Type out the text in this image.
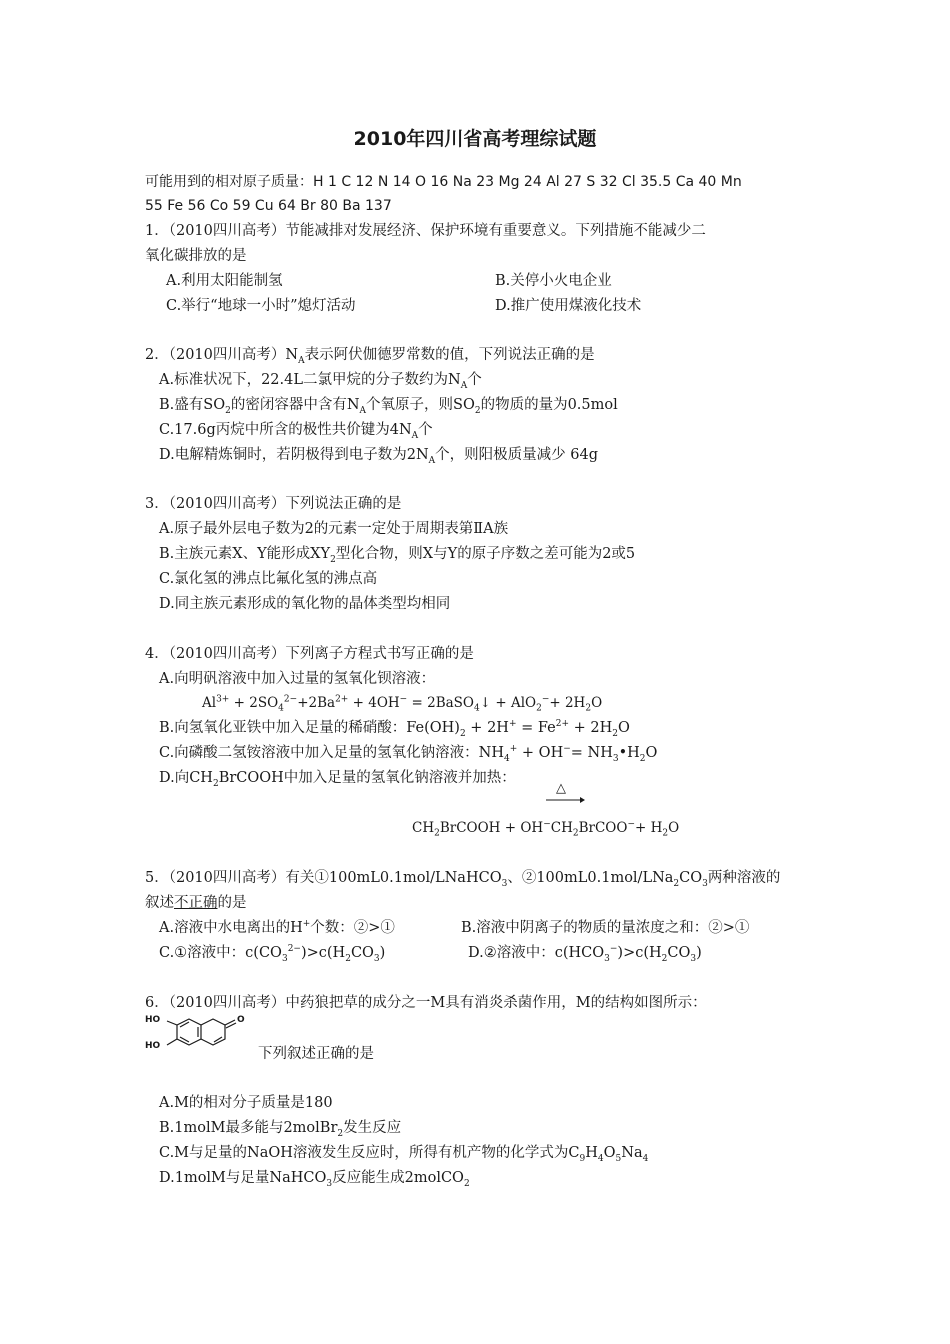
2010年四川省高考理综试题
可能用到的相对原子质量：H 1 C 12 N 14 O 16 Na 23 Mg 24 Al 27 S 32 Cl 35.5 Ca 40 Mn
55 Fe 56 Co 59 Cu 64 Br 80 Ba 137
1．（2010四川高考）节能减排对发展经济、保护环境有重要意义。下列措施不能减少二
氧化碳排放的是
A.利用太阳能制氢	B.关停小火电企业
C.举行“地球一小时”熄灯活动	D.推广使用煤液化技术
2．（2010四川高考）$N_A$表示阿伏伽德罗常数的值，下列说法正确的是
A.标准状况下，22.4L二氯甲烷的分子数约为$N_A$个
B.盛有$SO_2$的密闭容器中含有$N_A$个氧原子，则$SO_2$的物质的量为0.5mol
C.17.6g丙烷中所含的极性共价键为$4N_A$个
D.电解精炼铜时，若阴极得到电子数为$2N_A$个，则阳极质量减少 64g
3．（2010四川高考）下列说法正确的是
A.原子最外层电子数为2的元素一定处于周期表第ⅡA族
B.主族元素X、Y能形成$XY_2$型化合物，则X与Y的原子序数之差可能为2或5
C.氯化氢的沸点比氟化氢的沸点高
D.同主族元素形成的氧化物的晶体类型均相同
4．（2010四川高考）下列离子方程式书写正确的是
A.向明矾溶液中加入过量的氢氧化钡溶液：
$Al^{3+} + 2SO_4^{2-}+2Ba^{2+} + 4OH^-$ = 2BaSO$_4$↓ + $AlO_2^-+ 2H_2O$
B.向氢氧化亚铁中加入足量的稀硝酸：$Fe(OH)_2 + 2H^+ = Fe^{2+} + 2H_2O$
C.向磷酸二氢铵溶液中加入足量的氢氧化钠溶液：$NH_4^+ + OH^-=$ $NH_3•H_2O$
D.向$CH_2BrCOOH$中加入足量的氢氧化钠溶液并加热：
△
$CH_2BrCOOH$ + $OH^-CH_2BrCOO^-+ H_2O$
5．（2010四川高考）有关①100mL0.1mol/LNaHCO$_3$、$②100mL0.1mol/LNa_2CO_3$两种溶液的
叙述不正确的是
A.溶液中水电离出的H+个数：②>①	B.溶液中阴离子的物质的量浓度之和：②>①
C.①溶液中：$c(CO_3^{2-})>c(H_2CO_3)$	D.②溶液中：$c(HCO_3^-)>c(H_2CO_3)$
6．（2010四川高考）中药狼把草的成分之一M具有消炎杀菌作用，M的结构如图所示：
HO
HO
O
下列叙述正确的是
A.M的相对分子质量是180
B.1molM最多能与2molBr$_2$发生反应
C.M与足量的NaOH溶液发生反应时，所得有机产物的化学式为$C_9H_4O_5Na_4$
D.1molM与足量NaHCO$_3$反应能生成2molCO$_2$
